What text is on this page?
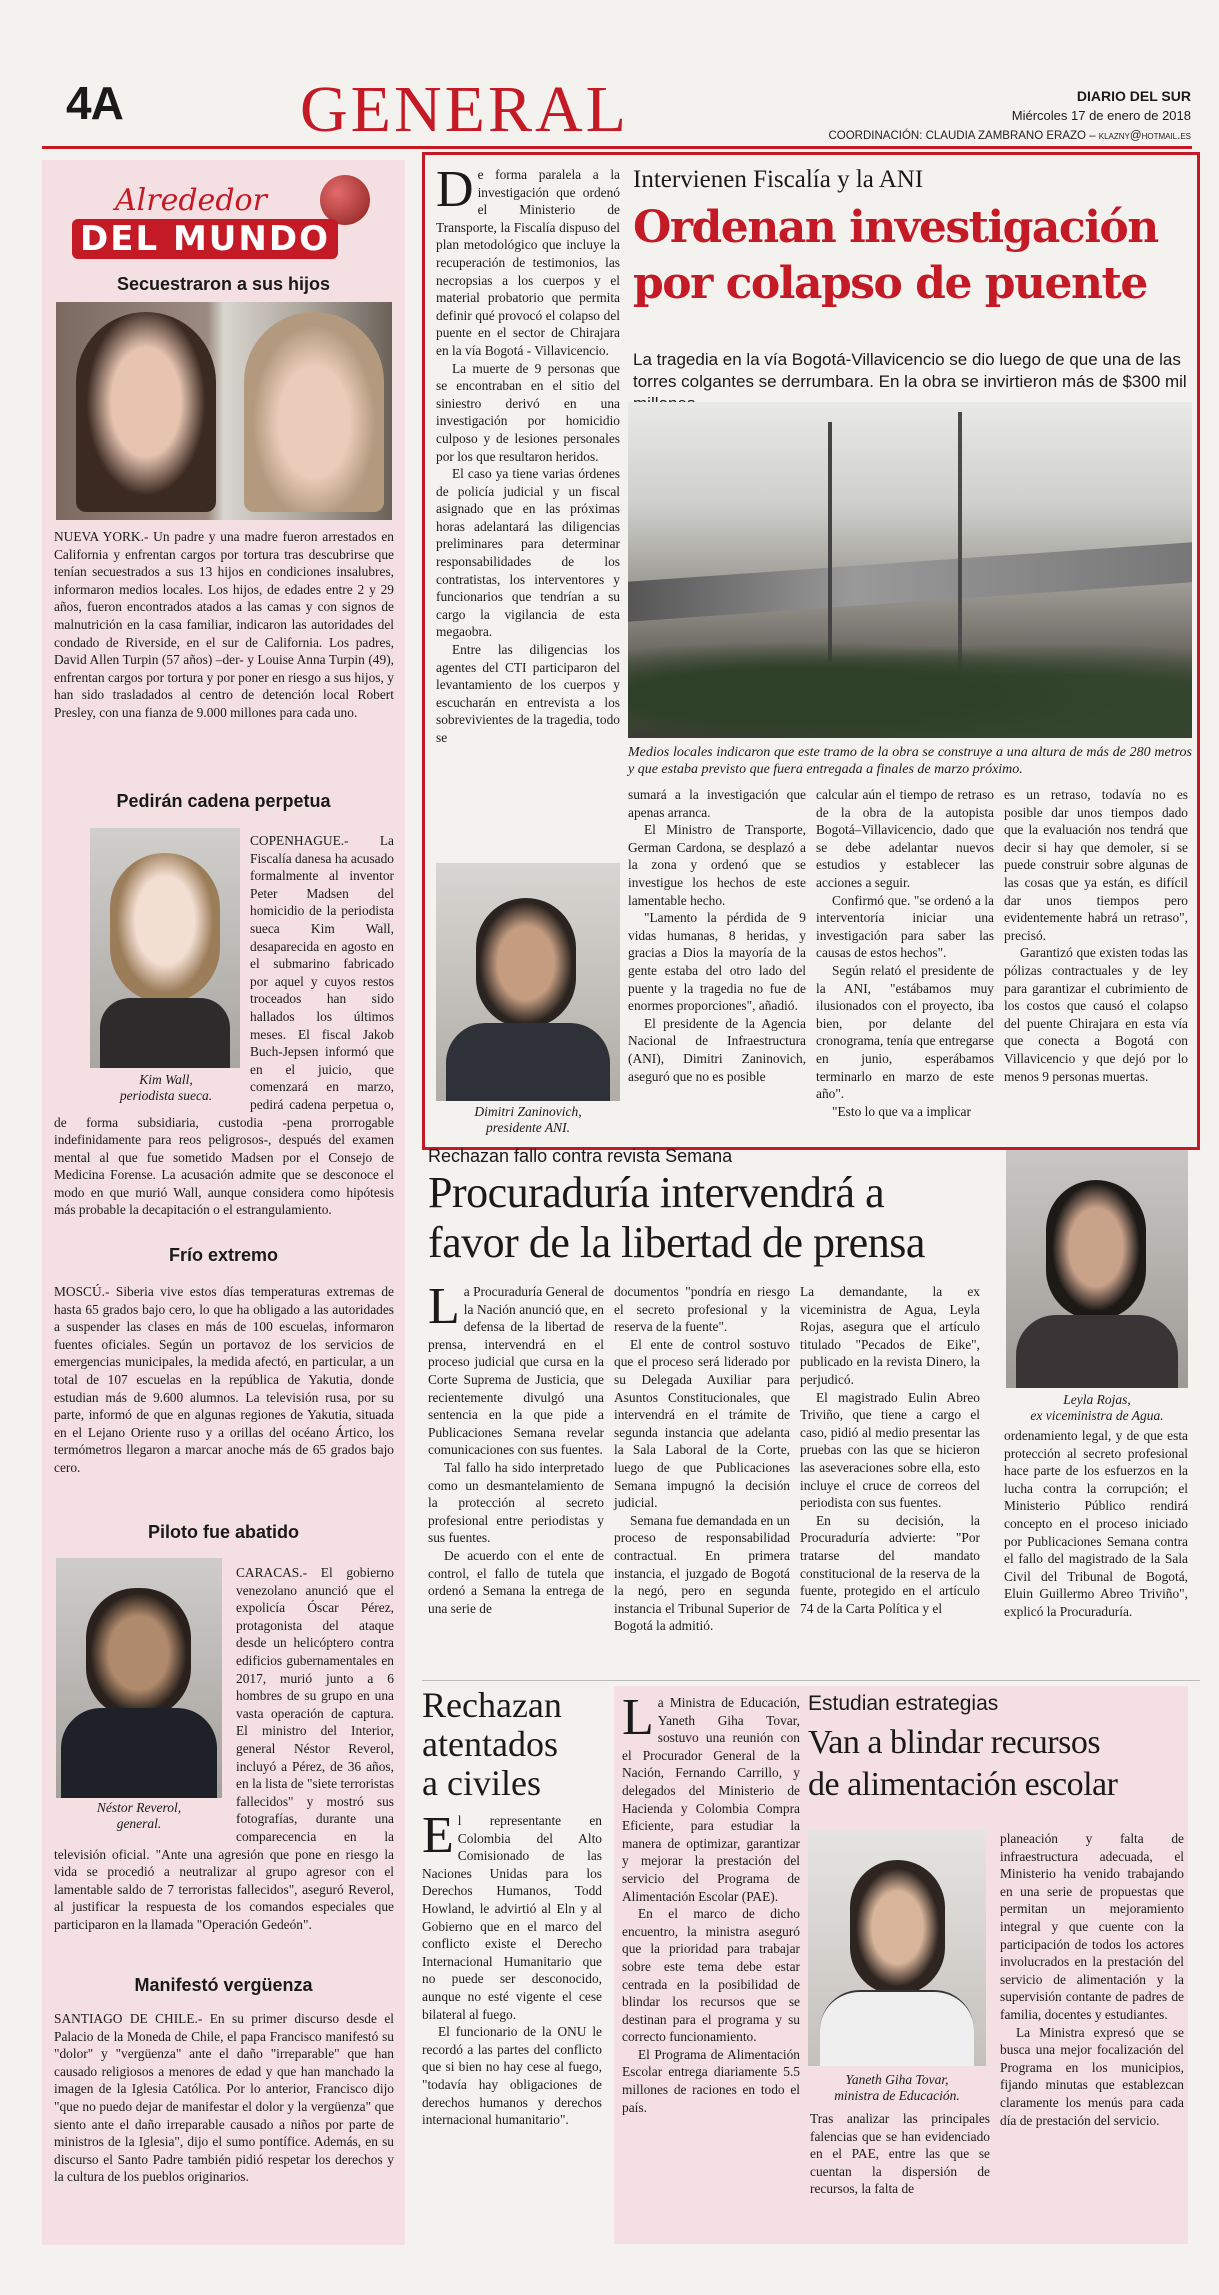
4A	GENERAL	DIARIO DEL SUR
Miércoles 17 de enero de 2018
COORDINACIÓN: CLAUDIA ZAMBRANO ERAZO – klazny@hotmail.es
Alrededor
DEL MUNDO
Secuestraron a sus hijos
NUEVA YORK.- Un padre y una madre fueron arrestados en California y enfrentan cargos por tortura tras descubrirse que tenían secuestrados a sus 13 hijos en condiciones insalubres, informaron medios locales. Los hijos, de edades entre 2 y 29 años, fueron encontrados atados a las camas y con signos de malnutrición en la casa familiar, indicaron las autoridades del condado de Riverside, en el sur de California. Los padres, David Allen Turpin (57 años) –der- y Louise Anna Turpin (49), enfrentan cargos por tortura y por poner en riesgo a sus hijos, y han sido trasladados al centro de detención local Robert Presley, con una fianza de 9.000 millones para cada uno.
Pedirán cadena perpetua
Kim Wall,
periodista sueca.
COPENHAGUE.- La Fiscalía danesa ha acusado formalmente al inventor Peter Madsen del homicidio de la periodista sueca Kim Wall, desaparecida en agosto en el submarino fabricado por aquel y cuyos restos troceados han sido hallados los últimos meses. El fiscal Jakob Buch-Jepsen informó que en el juicio, que comenzará en marzo, pedirá cadena perpetua o, de forma subsidiaria, custodia -pena prorrogable indefinidamente para reos peligrosos-, después del examen mental al que fue sometido Madsen por el Consejo de Medicina Forense. La acusación admite que se desconoce el modo en que murió Wall, aunque considera como hipótesis más probable la decapitación o el estrangulamiento.
Frío extremo
MOSCÚ.- Siberia vive estos días temperaturas extremas de hasta 65 grados bajo cero, lo que ha obligado a las autoridades a suspender las clases en más de 100 escuelas, informaron fuentes oficiales. Según un portavoz de los servicios de emergencias municipales, la medida afectó, en particular, a un total de 107 escuelas en la república de Yakutia, donde estudian más de 9.600 alumnos. La televisión rusa, por su parte, informó de que en algunas regiones de Yakutia, situada en el Lejano Oriente ruso y a orillas del océano Ártico, los termómetros llegaron a marcar anoche más de 65 grados bajo cero.
Piloto fue abatido
Néstor Reverol,
general.
CARACAS.- El gobierno venezolano anunció que el expolicía Óscar Pérez, protagonista del ataque desde un helicóptero contra edificios gubernamentales en 2017, murió junto a 6 hombres de su grupo en una vasta operación de captura. El ministro del Interior, general Néstor Reverol, incluyó a Pérez, de 36 años, en la lista de "siete terroristas fallecidos" y mostró sus fotografías, durante una comparecencia en la televisión oficial. "Ante una agresión que pone en riesgo la vida se procedió a neutralizar al grupo agresor con el lamentable saldo de 7 terroristas fallecidos", aseguró Reverol, al justificar la respuesta de los comandos especiales que participaron en la llamada "Operación Gedeón".
Manifestó vergüenza
SANTIAGO DE CHILE.- En su primer discurso desde el Palacio de la Moneda de Chile, el papa Francisco manifestó su "dolor" y "vergüenza" ante el daño "irreparable" que han causado religiosos a menores de edad y que han manchado la imagen de la Iglesia Católica. Por lo anterior, Francisco dijo "que no puedo dejar de manifestar el dolor y la vergüenza" que siento ante el daño irreparable causado a niños por parte de ministros de la Iglesia", dijo el sumo pontífice. Además, en su discurso el Santo Padre también pidió respetar los derechos y la cultura de los pueblos originarios.

De forma paralela a la investigación que ordenó el Ministerio de Transporte, la Fiscalía dispuso del plan metodológico que incluye la recuperación de testimonios, las necropsias a los cuerpos y el material probatorio que permita definir qué provocó el colapso del puente en el sector de Chirajara en la vía Bogotá - Villavicencio.

La muerte de 9 personas que se encontraban en el sitio del siniestro derivó en una investigación por homicidio culposo y de lesiones personales por los que resultaron heridos.

El caso ya tiene varias órdenes de policía judicial y un fiscal asignado que en las próximas horas adelantará las diligencias preliminares para determinar responsabilidades de los contratistas, los interventores y funcionarios que tendrían a su cargo la vigilancia de esta megaobra.

Entre las diligencias los agentes del CTI participaron del levantamiento de los cuerpos y escucharán en entrevista a los sobrevivientes de la tragedia, todo se

Intervienen Fiscalía y la ANI
Ordenan investigación
por colapso de puente
La tragedia en la vía Bogotá-Villavicencio se dio luego de que una de las torres colgantes se derrumbara. En la obra se invirtieron más de $300 mil
Medios locales indicaron que este tramo de la obra se construye a una altura de más de 280 metros y que estaba previsto que fuera entregada a finales de marzo próximo.
Dimitri Zaninovich,
presidente ANI.

sumará a la investigación que apenas arranca.

El Ministro de Transporte, German Cardona, se desplazó a la zona y ordenó que se investigue los hechos de este lamentable hecho.

"Lamento la pérdida de 9 vidas humanas, 8 heridas, y gracias a Dios la mayoría de la gente estaba del otro lado del puente y la tragedia no fue de enormes proporciones", añadió.

El presidente de la Agencia Nacional de Infraestructura (ANI), Dimitri Zaninovich, aseguró que no es posible

calcular aún el tiempo de retraso de la obra de la autopista Bogotá–Villavicencio, dado que se debe adelantar nuevos estudios y establecer las acciones a seguir.

Confirmó que. "se ordenó a la interventoría iniciar una investigación para saber las causas de estos hechos".

Según relató el presidente de la ANI, "estábamos muy ilusionados con el proyecto, iba bien, por delante del cronograma, tenía que entregarse en junio, esperábamos terminarlo en marzo de este año".

"Esto lo que va a implicar

es un retraso, todavía no es posible dar unos tiempos dado que la evaluación nos tendrá que decir si hay que demoler, si se puede construir sobre algunas de las cosas que ya están, es difícil dar unos tiempos pero evidentemente habrá un retraso", precisó.

Garantizó que existen todas las pólizas contractuales y de ley para garantizar el cubrimiento de los costos que causó el colapso del puente Chirajara en esta vía que conecta a Bogotá con Villavicencio y que dejó por lo menos 9 personas muertas.

Rechazan fallo contra revista Semana
Procuraduría intervendrá a
favor de la libertad de prensa

La Procuraduría General de la Nación anunció que, en defensa de la libertad de prensa, intervendrá en el proceso judicial que cursa en la Corte Suprema de Justicia, que recientemente divulgó una sentencia en la que pide a Publicaciones Semana revelar comunicaciones con sus fuentes.

Tal fallo ha sido interpretado como un desmantelamiento de la protección al secreto profesional entre periodistas y sus fuentes.

De acuerdo con el ente de control, el fallo de tutela que ordenó a Semana la entrega de una serie de

documentos "pondría en riesgo el secreto profesional y la reserva de la fuente".

El ente de control sostuvo que el proceso será liderado por su Delegada Auxiliar para Asuntos Constitucionales, que intervendrá en el trámite de segunda instancia que adelanta la Sala Laboral de la Corte, luego de que Publicaciones Semana impugnó la decisión judicial.

Semana fue demandada en un proceso de responsabilidad contractual. En primera instancia, el juzgado de Bogotá la negó, pero en segunda instancia el Tribunal Superior de Bogotá la admitió.

La demandante, la ex viceministra de Agua, Leyla Rojas, asegura que el artículo titulado "Pecados de Eike", publicado en la revista Dinero, la perjudicó.

El magistrado Eulin Abreo Triviño, que tiene a cargo el caso, pidió al medio presentar las pruebas con las que se hicieron las aseveraciones sobre ella, esto incluye el cruce de correos del periodista con sus fuentes.

En su decisión, la Procuraduría advierte: "Por tratarse del mandato constitucional de la reserva de la fuente, protegido en el artículo 74 de la Carta Política y el

Leyla Rojas,
ex viceministra de Agua.
ordenamiento legal, y de que esta protección al secreto profesional hace parte de los esfuerzos en la lucha contra la corrupción; el Ministerio Público rendirá concepto en el proceso iniciado por Publicaciones Semana contra el fallo del magistrado de la Sala Civil del Tribunal de Bogotá, Eluin Guillermo Abreo Triviño", explicó la Procuraduría.
Rechazan
atentados
a civiles

El representante en Colombia del Alto Comisionado de las Naciones Unidas para los Derechos Humanos, Todd Howland, le advirtió al Eln y al Gobierno que en el marco del conflicto existe el Derecho Internacional Humanitario que no puede ser desconocido, aunque no esté vigente el cese bilateral al fuego.

El funcionario de la ONU le recordó a las partes del conflicto que si bien no hay cese al fuego, "todavía hay obligaciones de derechos humanos y derechos internacional humanitario".

La Ministra de Educación, Yaneth Giha Tovar, sostuvo una reunión con el Procurador General de la Nación, Fernando Carrillo, y delegados del Ministerio de Hacienda y Colombia Compra Eficiente, para estudiar la manera de optimizar, garantizar y mejorar la prestación del servicio del Programa de Alimentación Escolar (PAE).

En el marco de dicho encuentro, la ministra aseguró que la prioridad para trabajar sobre este tema debe estar centrada en la posibilidad de blindar los recursos que se destinan para el programa y su correcto funcionamiento.

El Programa de Alimentación Escolar entrega diariamente 5.5 millones de raciones en todo el país.

Estudian estrategias
Van a blindar recursos
de alimentación escolar
Yaneth Giha Tovar,
ministra de Educación.
Tras analizar las principales falencias que se han evidenciado en el PAE, entre las que se cuentan la dispersión de recursos, la falta de

planeación y falta de infraestructura adecuada, el Ministerio ha venido trabajando en una serie de propuestas que permitan un mejoramiento integral y que cuente con la participación de todos los actores involucrados en la prestación del servicio de alimentación y la supervisión contante de padres de familia, docentes y estudiantes.

La Ministra expresó que se busca una mejor focalización del Programa en los municipios, fijando minutas que establezcan claramente los menús para cada día de prestación del servicio.
